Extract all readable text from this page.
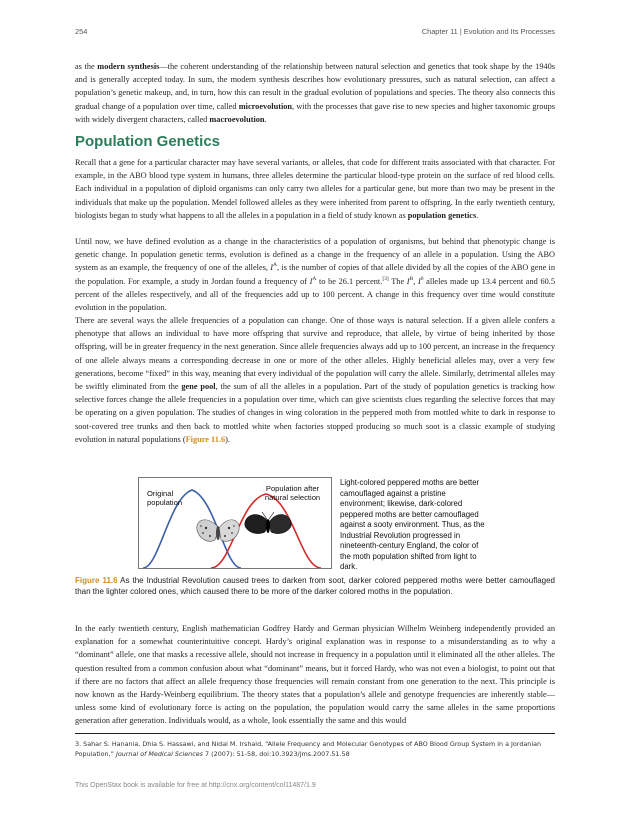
254	Chapter 11 | Evolution and Its Processes
as the modern synthesis—the coherent understanding of the relationship between natural selection and genetics that took shape by the 1940s and is generally accepted today. In sum, the modern synthesis describes how evolutionary pressures, such as natural selection, can affect a population’s genetic makeup, and, in turn, how this can result in the gradual evolution of populations and species. The theory also connects this gradual change of a population over time, called microevolution, with the processes that gave rise to new species and higher taxonomic groups with widely divergent characters, called macroevolution.
Population Genetics
Recall that a gene for a particular character may have several variants, or alleles, that code for different traits associated with that character. For example, in the ABO blood type system in humans, three alleles determine the particular blood-type protein on the surface of red blood cells. Each individual in a population of diploid organisms can only carry two alleles for a particular gene, but more than two may be present in the individuals that make up the population. Mendel followed alleles as they were inherited from parent to offspring. In the early twentieth century, biologists began to study what happens to all the alleles in a population in a field of study known as population genetics.
Until now, we have defined evolution as a change in the characteristics of a population of organisms, but behind that phenotypic change is genetic change. In population genetic terms, evolution is defined as a change in the frequency of an allele in a population. Using the ABO system as an example, the frequency of one of the alleles, $I^A$, is the number of copies of that allele divided by all the copies of the ABO gene in the population. For example, a study in Jordan found a frequency of $I^A$ to be 26.1 percent.[3] The $I^B$, $I^0$ alleles made up 13.4 percent and 60.5 percent of the alleles respectively, and all of the frequencies add up to 100 percent. A change in this frequency over time would constitute evolution in the population.
There are several ways the allele frequencies of a population can change. One of those ways is natural selection. If a given allele confers a phenotype that allows an individual to have more offspring that survive and reproduce, that allele, by virtue of being inherited by those offspring, will be in greater frequency in the next generation. Since allele frequencies always add up to 100 percent, an increase in the frequency of one allele always means a corresponding decrease in one or more of the other alleles. Highly beneficial alleles may, over a very few generations, become “fixed” in this way, meaning that every individual of the population will carry the allele. Similarly, detrimental alleles may be swiftly eliminated from the gene pool, the sum of all the alleles in a population. Part of the study of population genetics is tracking how selective forces change the allele frequencies in a population over time, which can give scientists clues regarding the selective forces that may be operating on a given population. The studies of changes in wing coloration in the peppered moth from mottled white to dark in response to soot-covered tree trunks and then back to mottled white when factories stopped producing so much soot is a classic example of studying evolution in natural populations (Figure 11.6).
Population after natural selection
Original population
Light-colored peppered moths are better camouflaged against a pristine environment; likewise, dark-colored peppered moths are better camouflaged against a sooty environment. Thus, as the Industrial Revolution progressed in nineteenth-century England, the color of the moth population shifted from light to dark.
Figure 11.6 As the Industrial Revolution caused trees to darken from soot, darker colored peppered moths were better camouflaged than the lighter colored ones, which caused there to be more of the darker colored moths in the population.
In the early twentieth century, English mathematician Godfrey Hardy and German physician Wilhelm Weinberg independently provided an explanation for a somewhat counterintuitive concept. Hardy’s original explanation was in response to a misunderstanding as to why a “dominant” allele, one that masks a recessive allele, should not increase in frequency in a population until it eliminated all the other alleles. The question resulted from a common confusion about what “dominant” means, but it forced Hardy, who was not even a biologist, to point out that if there are no factors that affect an allele frequency those frequencies will remain constant from one generation to the next. This principle is now known as the Hardy-Weinberg equilibrium. The theory states that a population’s allele and genotype frequencies are inherently stable—unless some kind of evolutionary force is acting on the population, the population would carry the same alleles in the same proportions generation after generation. Individuals would, as a whole, look essentially the same and this would
3. Sahar S. Hanania, Dhia S. Hassawi, and Nidal M. Irshaid, “Allele Frequency and Molecular Genotypes of ABO Blood Group System in a Jordanian Population,” Journal of Medical Sciences 7 (2007): 51-58, doi:10.3923/jms.2007.51.58
This OpenStax book is available for free at http://cnx.org/content/col11487/1.9
